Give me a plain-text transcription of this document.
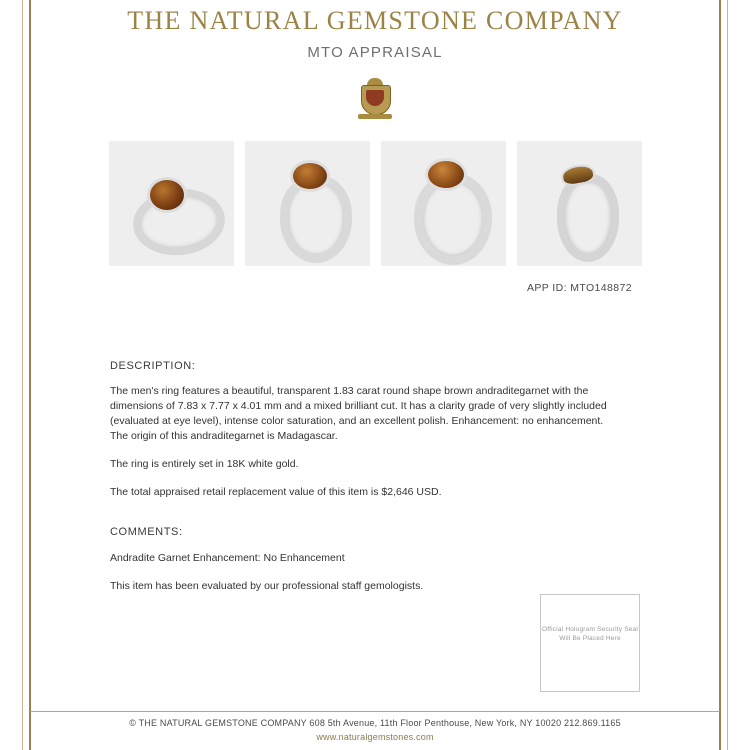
THE NATURAL GEMSTONE COMPANY
MTO APPRAISAL
APP ID: MTO148872
DESCRIPTION:

The men's ring features a beautiful, transparent 1.83 carat round shape brown andraditegarnet with the dimensions of 7.83 x 7.77 x 4.01 mm and a mixed brilliant cut. It has a clarity grade of very slightly included (evaluated at eye level), intense color saturation, and an excellent polish. Enhancement: no enhancement. The origin of this andraditegarnet is Madagascar.

The ring is entirely set in 18K white gold.

The total appraised retail replacement value of this item is $2,646 USD.

COMMENTS:

Andradite Garnet Enhancement: No Enhancement

This item has been evaluated by our professional staff gemologists.

Official Hologram Security Seal Will Be Placed Here
© THE NATURAL GEMSTONE COMPANY 608 5th Avenue, 11th Floor Penthouse, New York, NY 10020 212.869.1165
www.naturalgemstones.com
